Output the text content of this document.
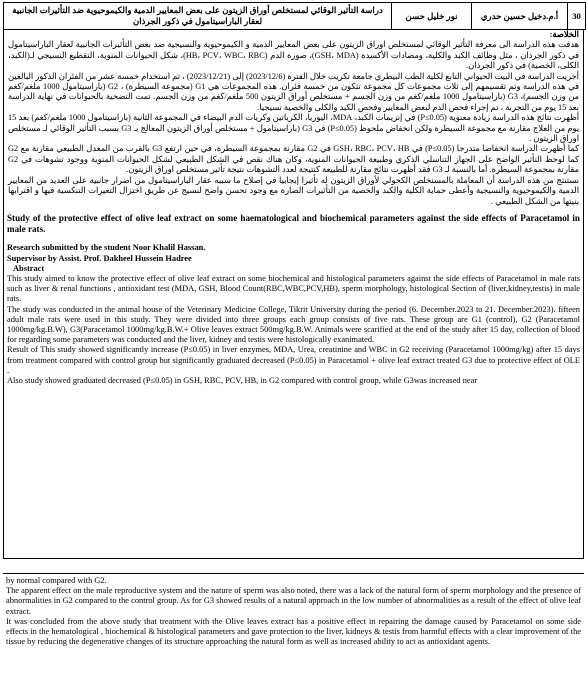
30
أ.م.دخيل حسين حدري
نور خليل حسن
دراسة التأثير الوقائي لمستخلص أوراق الزيتون على بعض المعايير الدمية والكيموحيوية ضد التأثيرات الجانبية لعقار الباراسيتامول في ذكور الجرذان

الخلاصة:

هدفت هذه الدراسة الى معرفة التأثير الوقائي لمستخلص اوراق الزيتون على بعض المعايير الدمية و الكيموحيوية والنسيجية ضد بعض التأثيرات الجانبية لعقار الباراسيتامول في ذكور الجرذان ، مثل وظائف الكبد والكلية، ومضادات الأكسدة (GSH، MDA)، صورة الدم (HB، PCV، WBC، RBC)، شكل الحيوانات المنوية، التقطيع النسيجي لـ(الكبد، الكلى، الخصية) في ذكور الجرذان.

أجريت الدراسة في البيت الحيواني التابع لكلية الطب البيطري جامعة تكريت خلال الفترة (2023/12/6) إلى (2023/12/21) ، تم استخدام خمسة عشر من الفئران الذكور البالغين في هذه الدراسة وتم تقسيمهم إلى ثلاث مجموعات كل مجموعة تتكون من خمسة فئران. هذه المجموعات هي G1 (مجموعة السيطرة) ، G2 (باراسيتامول 1000 ملغم/كغم من وزن الجسم)، G3 (باراسيتامول 1000 ملغم/كغم من وزن الجسم + مستخلص أوراق الزيتون 500 ملغم/كغم من وزن الجسم. تمت التضحية بالحيوانات في نهاية الدراسة بعد 15 يوم من التجربة ، تم إجراء فحص الدم لبعض المعايير وفحص الكبد والكلى والخصية نسيجيا.

أظهرت نتائج هذه الدراسة زيادة معنوية (P≤0.05) في إنزيمات الكبد، MDA، اليوريا، الكرياتين وكريات الدم البيضاء في المجموعة الثانية (باراسيتامول 1000 ملغم/كغم) بعد 15 يوم من العلاج مقارنة مع مجموعة السيطرة ولكن انخفاض ملحوظ (P≤0.05) في G3 (باراسيتامول + مستخلص أوراق الزيتون المعالج بـ G3 بسبب التأثير الوقائي لـ مستخلص اوراق الزيتون .

كما أظهرت الدراسة انخفاضا متدرجا (P≤0.05) في GSH، RBC، PCV، HB في G2 مقارنة بمجموعة السيطرة، في حين ارتفع G3 بالقرب من المعدل الطبيعي مقارنة مع G2 كما لوحظ التأثير الواضح على الجهاز التناسلي الذكري وطبيعة الحيوانات المنوية، وكان هناك نقص في الشكل الطبيعي لشكل الحيوانات المنوية ووجود تشوهات في G2 مقارنة بمجموعة السيطرة. أما بالنسبة لـ G3 فقد أظهرت نتائج مقارنة للطبيعة كنتيجة لعدد التشوهات نتيجة تأثير مستخلص اوراق الزيتون.

نستنتج من هذه الدراسة أن المعاملة بالمستخلص الكحولي لأوراق الزيتون له تأثيرا إيجابيا في إصلاح ما سببه عقار الباراسيتامول من اضرار جانبية على العديد من المعايير الدمية والكيموحيوية والنسيجية وأعطى حماية الكلية والكبد والخصية من التأثيرات الضارة مع وجود تحسن واضح لنسيج عن طريق اختزال التغيرات التنكسية فيها و اقترابها بنيتها من الشكل الطبيعي .

Study of the protective effect of olive leaf extract on some haematological and biochemical parameters against the side effects of Paracetamol in male rats.

Research submitted by the student Noor Khalil Hassan.

Supervisor by Assist. Prof. Dakheel Hussein Hadree

Abstract

This study aimed to know the protective effect of olive leaf extract on some biochemical and histological parameters against the side effects of Paracetamol in male rats such as liver & renal functions , antioxidant test (MDA, GSH, Blood Count(RBC,WBC,PCV,HB), sperm morphology, histological Section of (liver,kidney,testis) in male rats.

The study was conducted in the animal house of the Veterinary Medicine College, Tikrit University during the period (6. December.2023 to 21. December.2023). fifteen adult male rats were used in this study. They were divided into three groups each group consists of five rats. These group are G1 (control), G2 (Paracetamol 1000mg/kg.B.W), G3(Paracetamol 1000mg/kg.B.W.+ Olive leaves extract 500mg/kg.B.W. Animals were scarified at the end of the study after 15 day, collection of blood for regarding some parameters was conducted and the liver, kidney and testis were histologically exanimated.

Result of This study showed significantly increase (P≤0.05) in liver enzymes, MDA, Urea, creatinine and WBC in G2 receiving (Paracetamol 1000mg/kg) after 15 days from treatment compared with control group but significantly graduated decreased (P≤0.05) in Paracetamol + olive leaf extract treated G3 due to protective effect of OLE .

Also study showed graduated decreased (P≤0.05) in GSH, RBC, PCV, HB, in G2 compared with control group, while G3was increased near

by normal compared with G2.

The apparent effect on the male reproductive system and the nature of sperm was also noted, there was a lack of the natural form of sperm morphology and the presence of abnormalities in G2 compared to the control group. As for G3 showed results of a natural approach in the low number of abnormalities as a result of the effect of olive leaf extract.

It was concluded from the above study that treatment with the Olive leaves extract has a positive effect in repairing the damage caused by Paracetamol on some side effects in the hematological , biochemical & histological parameters and gave protection to the liver, kidneys & testis from harmful effects with a clear improvement of the tissue by reducing the degenerative changes of its structure approaching the natural form as well as increased ability to act as antioxidant agents.
